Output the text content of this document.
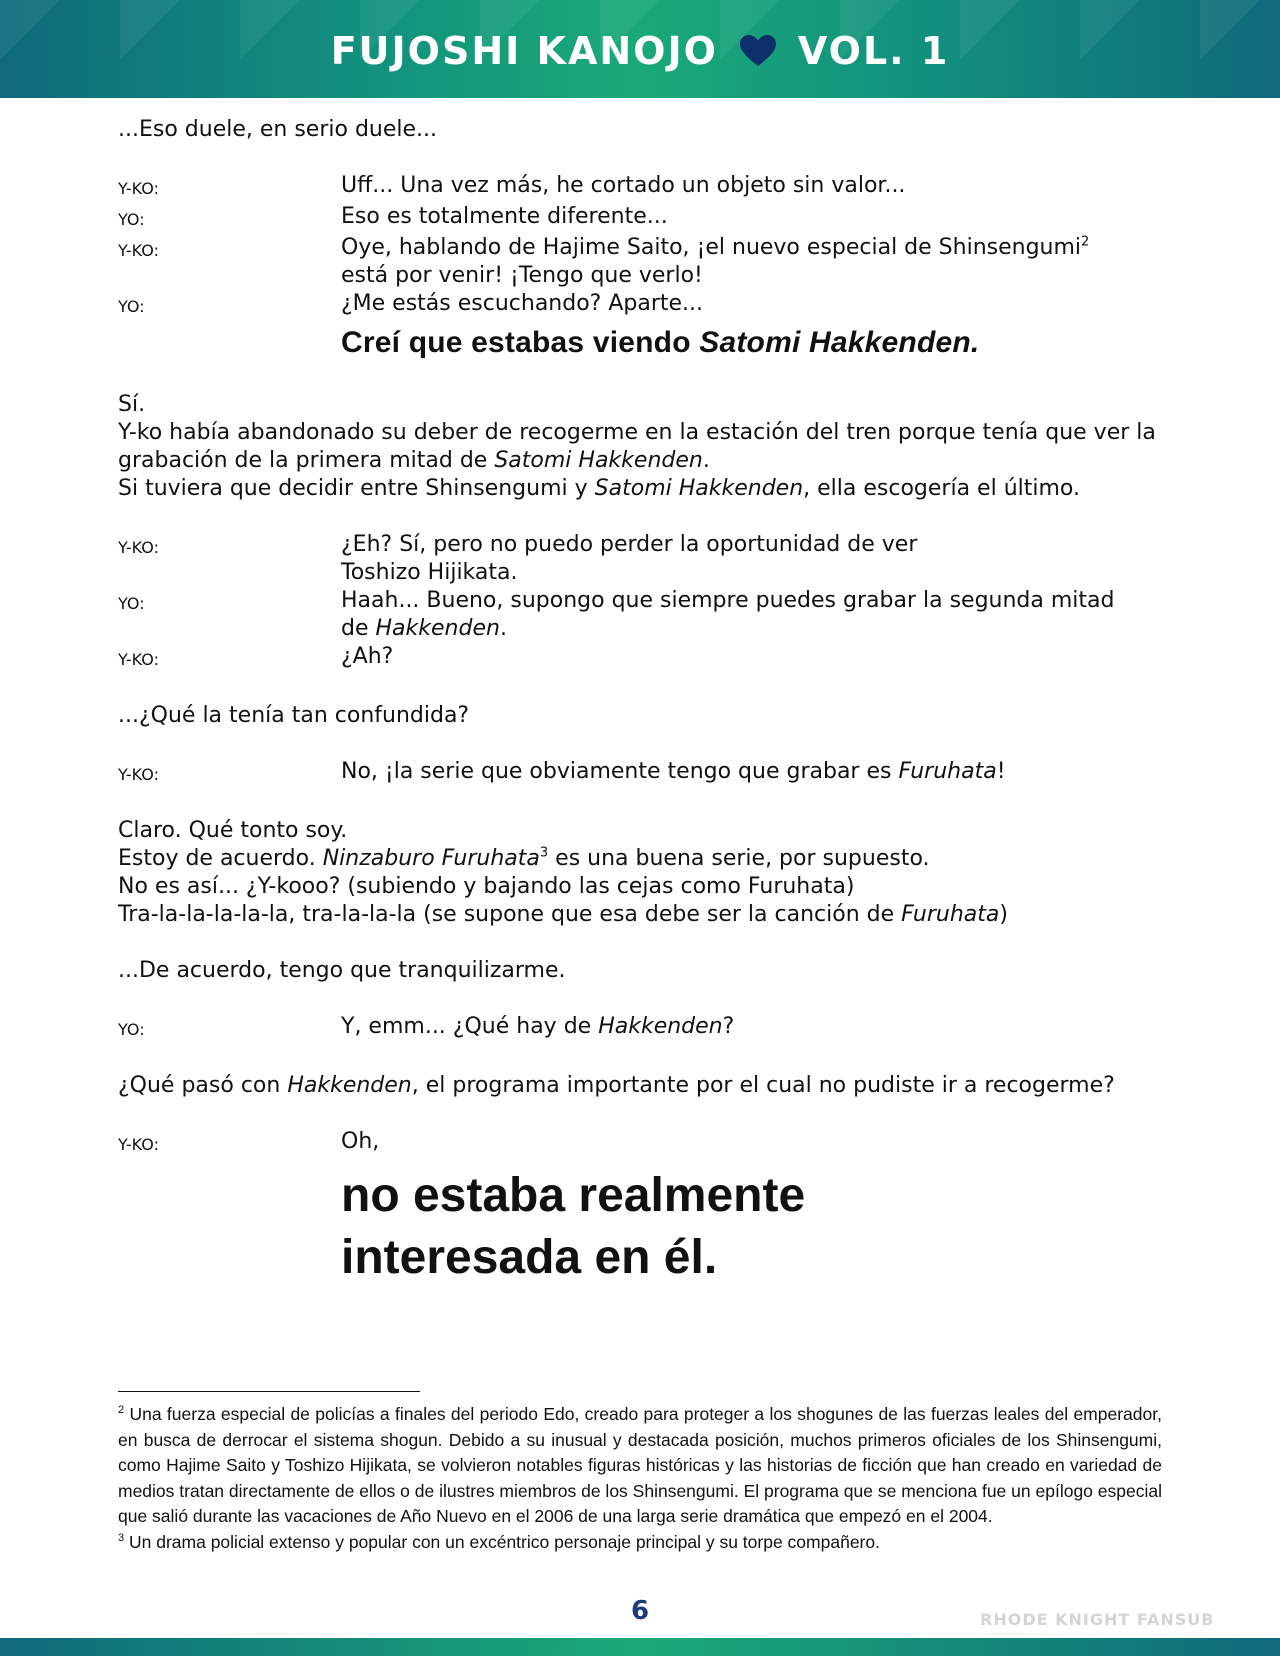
FUJOSHI KANOJO VOL. 1

...Eso duele, en serio duele...

Y-KO:	Uff... Una vez más, he cortado un objeto sin valor...
YO:	Eso es totalmente diferente...
Y-KO:	Oye, hablando de Hajime Saito, ¡el nuevo especial de Shinsengumi$^2$
está por venir! ¡Tengo que verlo!
YO:	¿Me estás escuchando? Aparte...
Creí que estabas viendo Satomi Hakkenden.

Sí.

Y-ko había abandonado su deber de recogerme en la estación del tren porque tenía que ver la grabación de la primera mitad de Satomi Hakkenden.

Si tuviera que decidir entre Shinsengumi y Satomi Hakkenden, ella escogería el último.

Y-KO:	¿Eh? Sí, pero no puedo perder la oportunidad de ver
Toshizo Hijikata.
YO:	Haah... Bueno, supongo que siempre puedes grabar la segunda mitad
de Hakkenden.
Y-KO:	¿Ah?

...¿Qué la tenía tan confundida?

Y-KO:	No, ¡la serie que obviamente tengo que grabar es Furuhata!

Claro. Qué tonto soy.

Estoy de acuerdo. Ninzaburo Furuhata$^3$ es una buena serie, por supuesto.

No es así... ¿Y-kooo? (subiendo y bajando las cejas como Furuhata)

Tra-la-la-la-la-la, tra-la-la-la (se supone que esa debe ser la canción de Furuhata)

...De acuerdo, tengo que tranquilizarme.

YO:	Y, emm... ¿Qué hay de Hakkenden?

¿Qué pasó con Hakkenden, el programa importante por el cual no pudiste ir a recogerme?

Y-KO:	Oh,
no estaba realmente
interesada en él.

$^2$ Una fuerza especial de policías a finales del periodo Edo, creado para proteger a los shogunes de las fuerzas leales del emperador, en busca de derrocar el sistema shogun. Debido a su inusual y destacada posición, muchos primeros oficiales de los Shinsengumi, como Hajime Saito y Toshizo Hijikata, se volvieron notables figuras históricas y las historias de ficción que han creado en variedad de medios tratan directamente de ellos o de ilustres miembros de los Shinsengumi. El programa que se menciona fue un epílogo especial que salió durante las vacaciones de Año Nuevo en el 2006 de una larga serie dramática que empezó en el 2004.

$^3$ Un drama policial extenso y popular con un excéntrico personaje principal y su torpe compañero.

6	RHODE KNIGHT FANSUB
